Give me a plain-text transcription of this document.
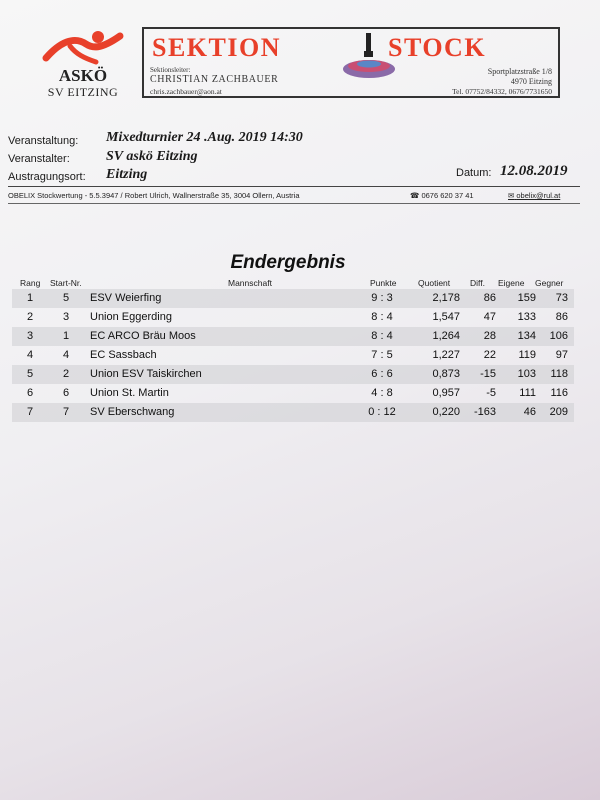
ASKÖ
SV EITZING
SEKTION	STOCK
Sektionsleiter:
CHRISTIAN ZACHBAUER
chris.zachbauer@aon.at
Sportplatzstraße 1/8
4970 Eitzing
Tel. 07752/84332, 0676/7731650
Veranstaltung: Mixedturnier 24 .Aug. 2019 14:30
Veranstalter:	SV askö Eitzing
Austragungsort: Eitzing	Datum: 12.08.2019
OBELIX Stockwertung - 5.5.3947 / Robert Ulrich, Wallnerstraße 35, 3004 Ollern, Austria	☎ 0676 620 37 41	✉ obelix@rul.at
Endergebnis
Rang Start-Nr.	Mannschaft	Punkte	Quotient Diff. Eigene Gegner
1	5	ESV Weierfing	9 : 3	2,178	86	159	73
2	3	Union Eggerding	8 : 4	1,547	47	133	86
3	1	EC ARCO Bräu Moos	8 : 4	1,264	28	134	106
4	4	EC Sassbach	7 : 5	1,227	22	119	97
5	2	Union ESV Taiskirchen	6 : 6	0,873	-15	103	118
6	6	Union St. Martin	4 : 8	0,957	-5	111	116
7	7	SV Eberschwang	0 : 12	0,220	-163	46	209
